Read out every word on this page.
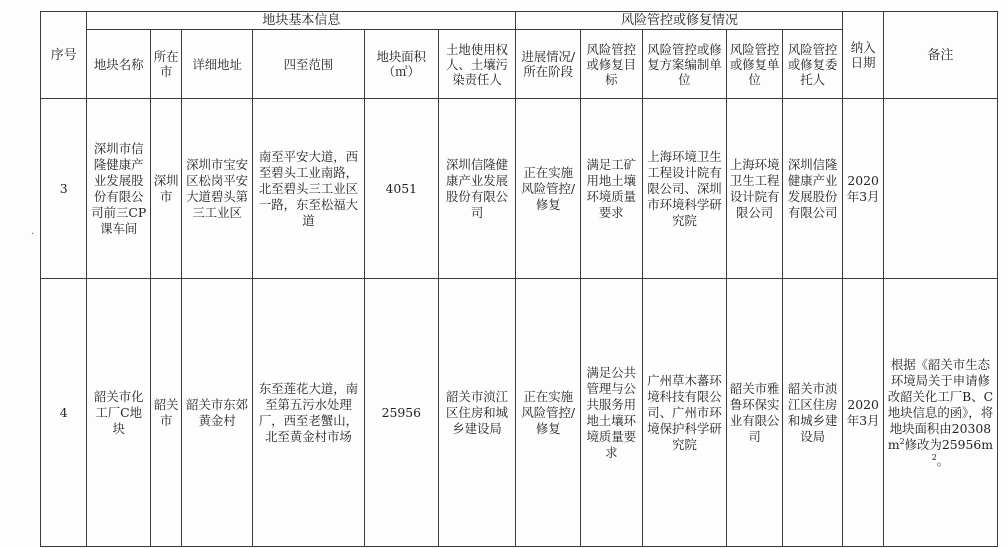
·
序号	地块基本信息						风险管控或修复情况					纳入日期	备注
	地块名称	所在市	详细地址	四至范围	地块面积（㎡）	土地使用权人、土壤污染责任人	进展情况/所在阶段	风险管控或修复目标	风险管控或修复方案编制单位	风险管控或修复单位	风险管控或修复委托人		
3	深圳市信隆健康产业发展股份有限公司前三CP课车间	深圳市	深圳市宝安区松岗平安大道碧头第三工业区	南至平安大道，西至碧头工业南路，北至碧头三工业区一路，东至松福大道	4051	深圳信隆健康产业发展股份有限公司	正在实施风险管控/修复	满足工矿用地土壤环境质量要求	上海环境卫生工程设计院有限公司、深圳市环境科学研究院	上海环境卫生工程设计院有限公司	深圳信隆健康产业发展股份有限公司	2020年3月	
4	韶关市化工厂C地块	韶关市	韶关市东郊黄金村	东至莲花大道，南至第五污水处理厂，西至老蟹山，北至黄金村市场	25956	韶关市浈江区住房和城乡建设局	正在实施风险管控/修复	满足公共管理与公共服务用地土壤环境质量要求	广州草木蕃环境科技有限公司、广州市环境保护科学研究院	韶关市雅鲁环保实业有限公司	韶关市浈江区住房和城乡建设局	2020年3月	根据《韶关市生态环境局关于申请修改韶关化工厂B、C地块信息的函》，将地块面积由$20308m^2$修改为$25956m^2$。
